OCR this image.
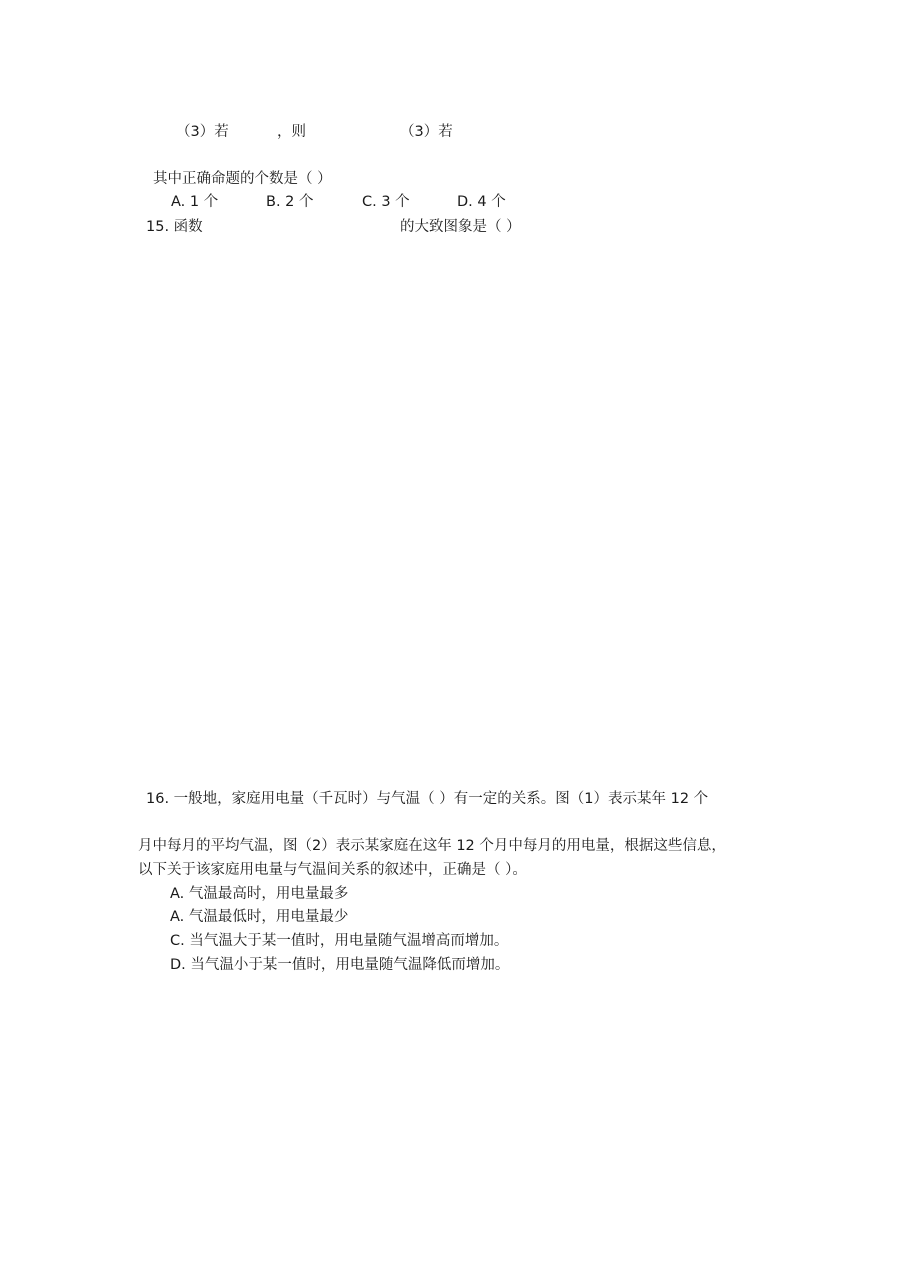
（3）若	，则	（3）若
其中正确命题的个数是（ ）
A. 1 个	B. 2 个	C. 3 个	D. 4 个
15. 函数	的大致图象是（ ）
16. 一般地，家庭用电量（千瓦时）与气温（ ）有一定的关系。图（1）表示某年 12 个
月中每月的平均气温，图（2）表示某家庭在这年 12 个月中每月的用电量，根据这些信息，
以下关于该家庭用电量与气温间关系的叙述中，正确是（ ）。
A. 气温最高时，用电量最多
A. 气温最低时，用电量最少
C. 当气温大于某一值时，用电量随气温增高而增加。
D. 当气温小于某一值时，用电量随气温降低而增加。
